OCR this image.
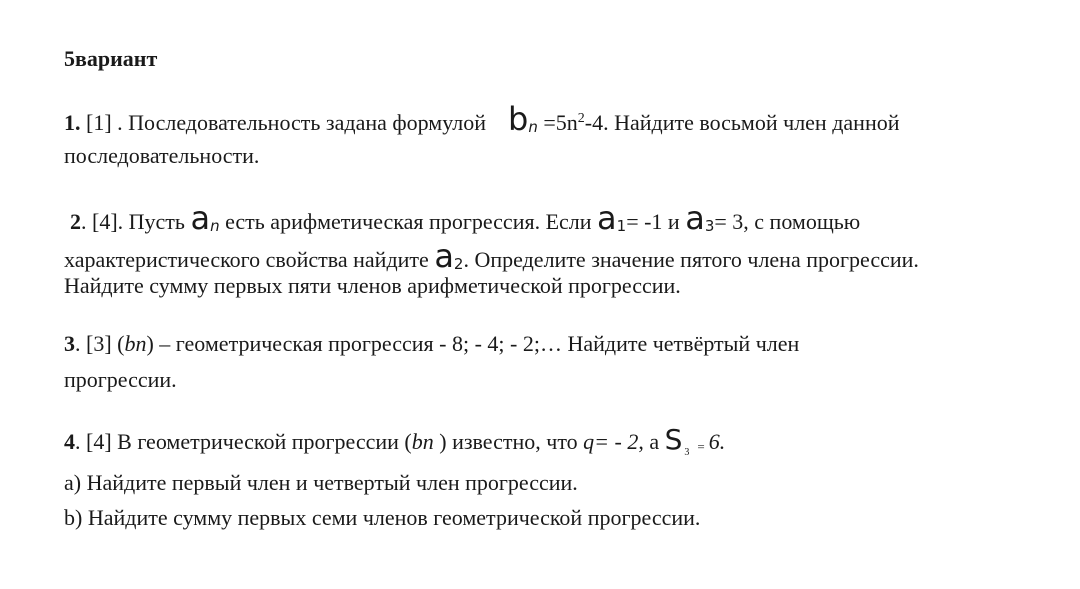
5вариант
1. [1] . Последовательность задана формулой bn $=5n^2-4$. Найдите восьмой член данной
последовательности.
2. [4]. Пусть an есть арифметическая прогрессия. Если a1= -1 и a3= 3, с помощью
характеристического свойства найдите a2. Определите значение пятого члена прогрессии.
Найдите сумму первых пяти членов арифметической прогрессии.
3. [3] (bn) – геометрическая прогрессия - 8; - 4; - 2;… Найдите четвёртый член
прогрессии.
4. [4] В геометрической прогрессии (bn ) известно, что q= - 2, а S $_3$ = 6.
а) Найдите первый член и четвертый член прогрессии.
b) Найдите сумму первых семи членов геометрической прогрессии.
